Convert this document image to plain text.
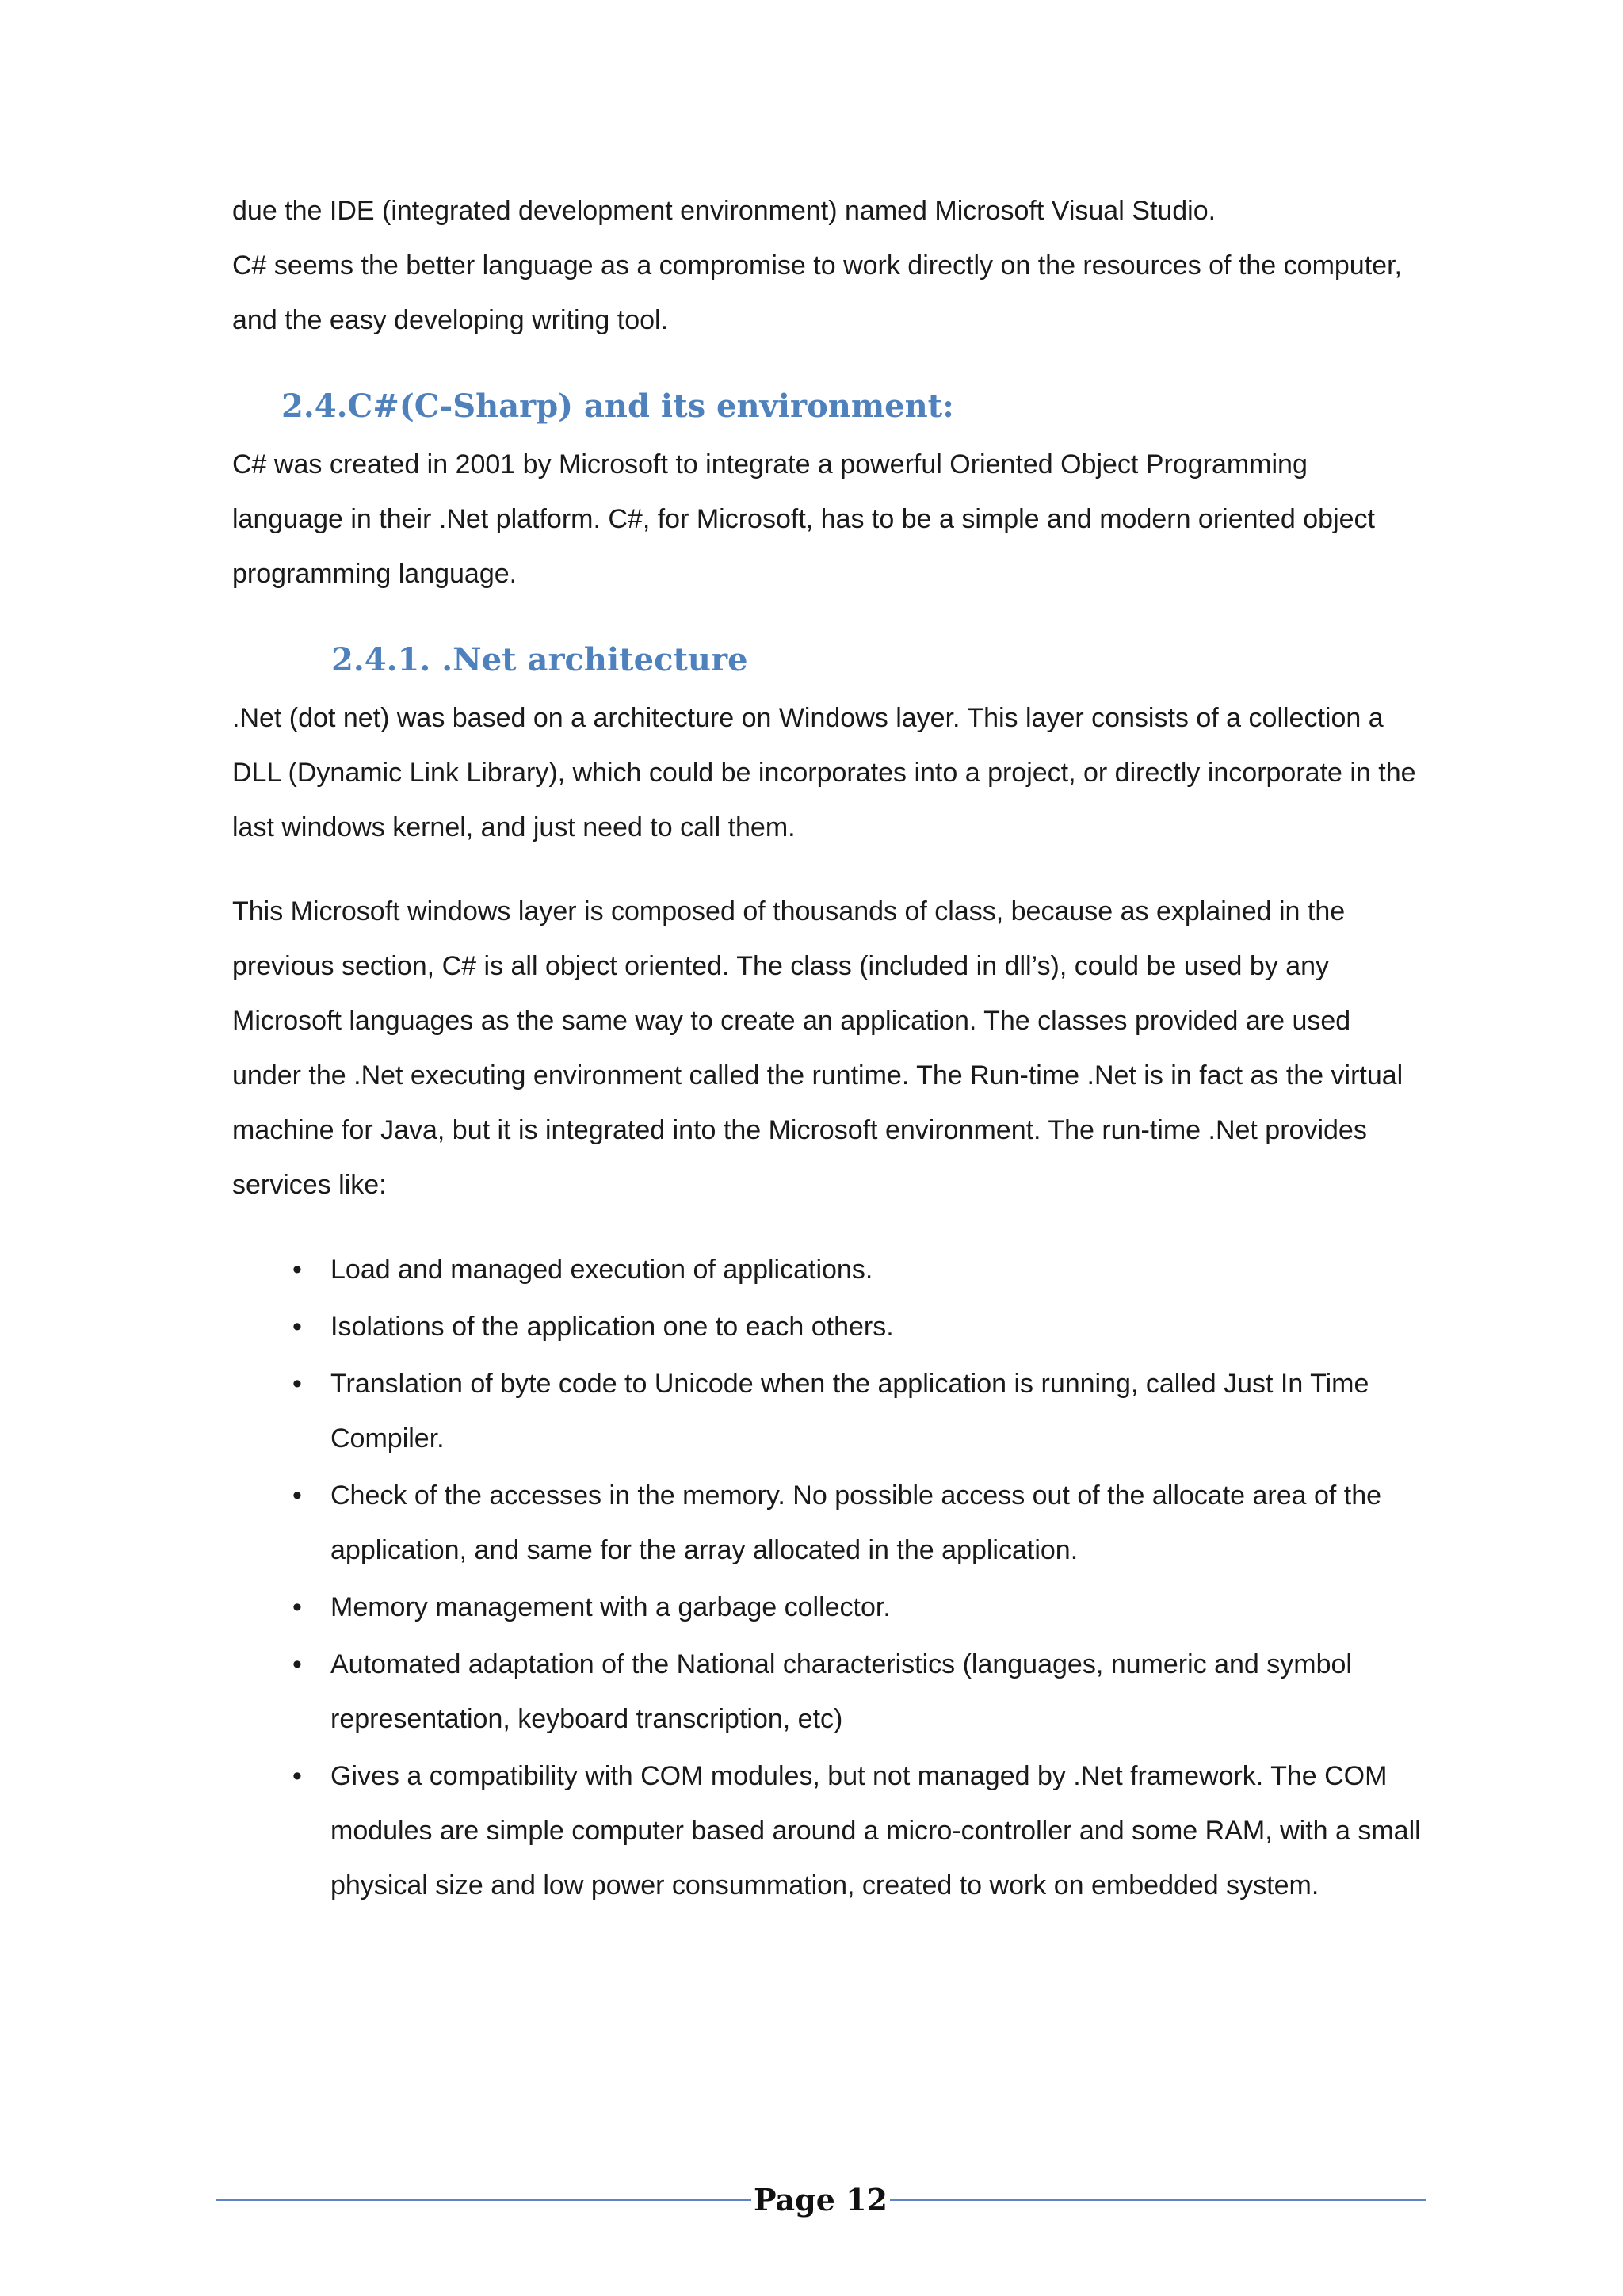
due the IDE (integrated development environment) named Microsoft Visual Studio.

C# seems the better language as a compromise to work directly on the resources of the computer, and the easy developing writing tool.

2.4.C#(C-Sharp) and its environment:

C# was created in 2001 by Microsoft to integrate a powerful Oriented Object Programming language in their .Net platform. C#, for Microsoft, has to be a simple and modern oriented object programming language.

2.4.1. .Net architecture

.Net (dot net) was based on a architecture on Windows layer. This layer consists of a collection a DLL (Dynamic Link Library), which could be incorporates into a project, or directly incorporate in the last windows kernel, and just need to call them.

This Microsoft windows layer is composed of thousands of class, because as explained in the previous section, C# is all object oriented. The class (included in dll’s), could be used by any Microsoft languages as the same way to create an application. The classes provided are used under the .Net executing environment called the runtime. The Run-time .Net is in fact as the virtual machine for Java, but it is integrated into the Microsoft environment. The run-time .Net provides services like:

• Load and managed execution of applications.
• Isolations of the application one to each others.
• Translation of byte code to Unicode when the application is running, called Just In Time Compiler.
• Check of the accesses in the memory. No possible access out of the allocate area of the application, and same for the array allocated in the application.
• Memory management with a garbage collector.
• Automated adaptation of the National characteristics (languages, numeric and symbol representation, keyboard transcription, etc)
• Gives a compatibility with COM modules, but not managed by .Net framework. The COM modules are simple computer based around a micro-controller and some RAM, with a small physical size and low power consummation, created to work on embedded system.
Page 12
